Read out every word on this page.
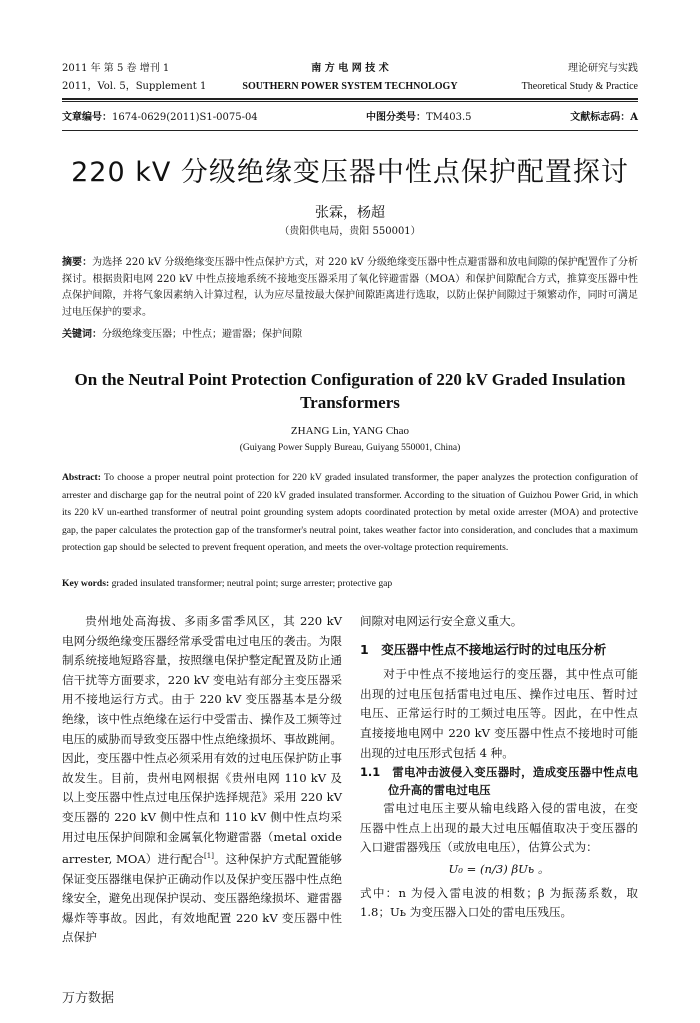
2011 年 第 5 卷 增刊 1	南 方 电 网 技 术	理论研究与实践
2011，Vol. 5，Supplement 1	SOUTHERN POWER SYSTEM TECHNOLOGY	Theoretical Study & Practice
文章编号：1674-0629(2011)S1-0075-04	中图分类号：TM403.5	文献标志码：A
220 kV 分级绝缘变压器中性点保护配置探讨
张霖，杨超
（贵阳供电局，贵阳 550001）
摘要：为选择 220 kV 分级绝缘变压器中性点保护方式，对 220 kV 分级绝缘变压器中性点避雷器和放电间隙的保护配置作了分析探讨。根据贵阳电网 220 kV 中性点接地系统不接地变压器采用了氧化锌避雷器（MOA）和保护间隙配合方式，推算变压器中性点保护间隙，并将气象因素纳入计算过程，认为应尽量按最大保护间隙距离进行选取，以防止保护间隙过于频繁动作，同时可满足过电压保护的要求。
关键词：分级绝缘变压器；中性点；避雷器；保护间隙
On the Neutral Point Protection Configuration of 220 kV Graded Insulation Transformers
ZHANG Lin, YANG Chao
(Guiyang Power Supply Bureau, Guiyang 550001, China)
Abstract: To choose a proper neutral point protection for 220 kV graded insulated transformer, the paper analyzes the protection configuration of arrester and discharge gap for the neutral point of 220 kV graded insulated transformer. According to the situation of Guizhou Power Grid, in which its 220 kV un-earthed transformer of neutral point grounding system adopts coordinated protection by metal oxide arrester (MOA) and protective gap, the paper calculates the protection gap of the transformer's neutral point, takes weather factor into consideration, and concludes that a maximum protection gap should be selected to prevent frequent operation, and meets the over-voltage protection requirements.
Key words: graded insulated transformer; neutral point; surge arrester; protective gap

贵州地处高海拔、多雨多雷季风区，其 220 kV 电网分级绝缘变压器经常承受雷电过电压的袭击。为限制系统接地短路容量，按照继电保护整定配置及防止通信干扰等方面要求，220 kV 变电站有部分主变压器采用不接地运行方式。由于 220 kV 变压器基本是分级绝缘，该中性点绝缘在运行中受雷击、操作及工频等过电压的威胁而导致变压器中性点绝缘损坏、事故跳闸。因此，变压器中性点必须采用有效的过电压保护防止事故发生。目前，贵州电网根据《贵州电网 110 kV 及以上变压器中性点过电压保护选择规范》采用 220 kV 变压器的 220 kV 侧中性点和 110 kV 侧中性点均采用过电压保护间隙和金属氧化物避雷器（metal oxide arrester, MOA）进行配合[1]。这种保护方式配置能够保证变压器继电保护正确动作以及保护变压器中性点绝缘安全，避免出现保护误动、变压器绝缘损坏、避雷器爆炸等事故。因此，有效地配置 220 kV 变压器中性点保护

间隙对电网运行安全意义重大。
1　变压器中性点不接地运行时的过电压分析

对于中性点不接地运行的变压器，其中性点可能出现的过电压包括雷电过电压、操作过电压、暂时过电压、正常运行时的工频过电压等。因此，在中性点直接接地电网中 220 kV 变压器中性点不接地时可能出现的过电压形式包括 4 种。

1.1　雷电冲击波侵入变压器时，造成变压器中性点电位升高的雷电过电压

雷电过电压主要从输电线路入侵的雷电波，在变压器中性点上出现的最大过电压幅值取决于变压器的入口避雷器残压（或放电电压），估算公式为：

U₀ = (n/3) βUь 。
式中：n 为侵入雷电波的相数；β 为振荡系数，取 1.8；Uь 为变压器入口处的雷电压残压。
万方数据
